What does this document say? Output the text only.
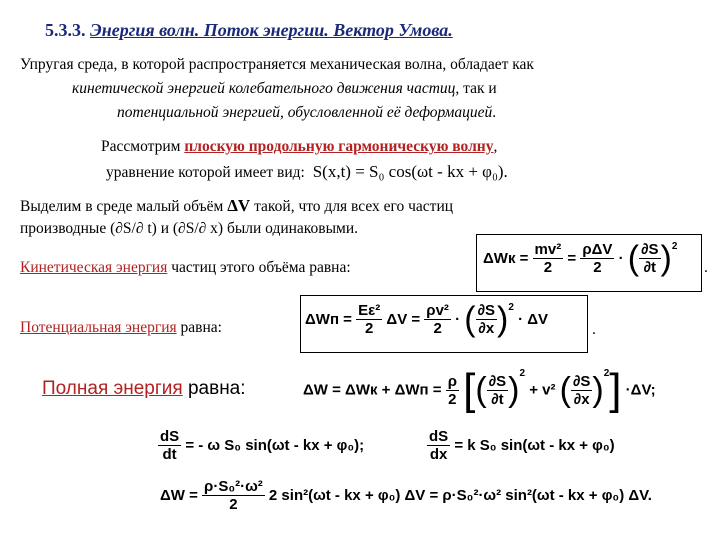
5.3.3. Энергия волн. Поток энергии. Вектор Умова.
Упругая среда, в которой распространяется механическая волна, обладает как
кинетической энергией колебательного движения частиц, так и
потенциальной энергией, обусловленной её деформацией.
Рассмотрим плоскую продольную гармоническую волну,
уравнение которой имеет вид: S(x,t) = S₀ cos(ωt - kx + φ₀).
Выделим в среде малый объём ΔV такой, что для всех его частиц
производные (∂S/∂ t) и (∂S/∂ x) были одинаковыми.
Кинетическая энергия частиц этого объёма равна:
$\Delta Wк = \frac{\text{mv²}}{2} = \frac{\text{ρΔV}}{2}$ · ( $\frac{\partial S}{\partial t} )^2$
.
Потенциальная энергия равна:	$\Delta Wп = \frac{\text{Eε²}}{2}$ $\Delta V = \frac{\text{ρv²}}{2}$ · ( $\frac{\partial S}{\partial x} )^2 \cdot \Delta V$
.
Полная энергия равна:	$\Delta W = \Delta Wк + \Delta Wп = \frac{\rho}{2}$ [( $\frac{\partial S}{\partial t} )^2 + v^2$ ( $\frac{\partial S}{\partial x} )^2] \cdot\Delta V$;
$\frac{dS}{dt}$ = - ω S₀ sin(ωt - kx + φ₀);	$\frac{dS}{dx} = k$ S₀ sin(ωt - kx + φ₀)
$\Delta W = \frac{\text{ρ·S₀²·ω²}}{2} 2$ sin²(ωt - kx + φ₀) ΔV = ρ·S₀²·ω² sin²(ωt - kx + φ₀) ΔV.
